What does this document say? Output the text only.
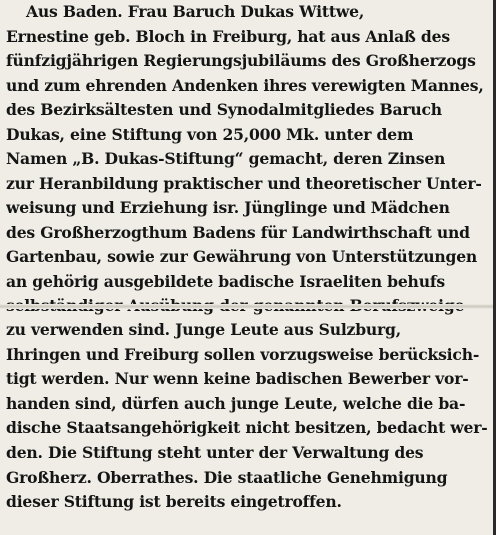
Aus Baden. Frau Baruch Dukas Wittwe,
Ernestine geb. Bloch in Freiburg, hat aus Anlaß des
fünfzigjährigen Regierungsjubiläums des Großherzogs
und zum ehrenden Andenken ihres verewigten Mannes,
des Bezirksältesten und Synodalmitgliedes Baruch
Dukas, eine Stiftung von 25,000 Mk. unter dem
Namen „B. Dukas-Stiftung“ gemacht, deren Zinsen
zur Heranbildung praktischer und theoretischer Unter-
weisung und Erziehung isr. Jünglinge und Mädchen
des Großherzogthum Badens für Landwirthschaft und
Gartenbau, sowie zur Gewährung von Unterstützungen
an gehörig ausgebildete badische Israeliten behufs
zu verwenden sind. Junge Leute aus Sulzburg,
Ihringen und Freiburg sollen vorzugsweise berücksich-
tigt werden. Nur wenn keine badischen Bewerber vor-
handen sind, dürfen auch junge Leute, welche die ba-
dische Staatsangehörigkeit nicht besitzen, bedacht wer-
den. Die Stiftung steht unter der Verwaltung des
Großherz. Oberrathes. Die staatliche Genehmigung
dieser Stiftung ist bereits eingetroffen.
